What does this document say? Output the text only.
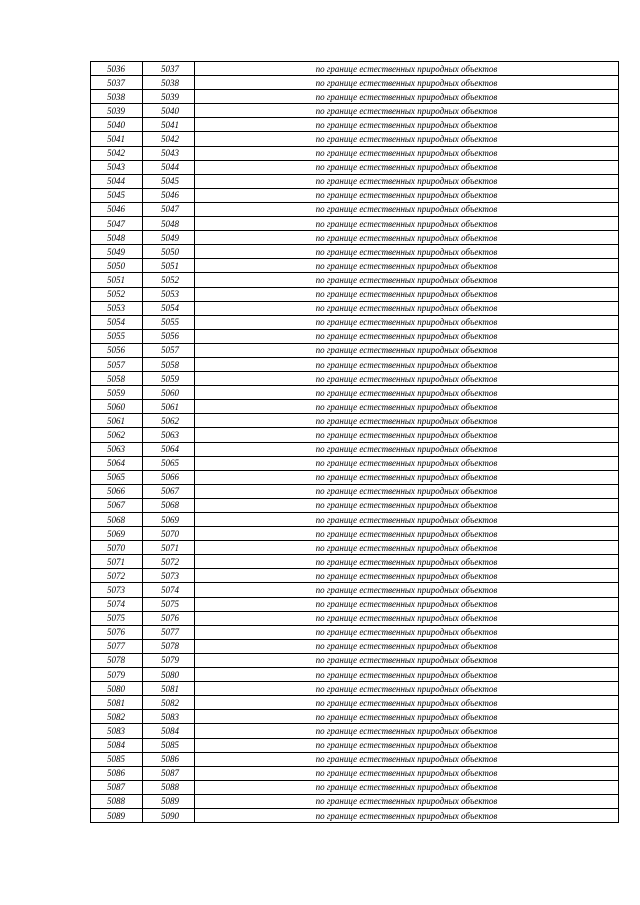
5036	5037	по границе естественных природных объектов
5037	5038	по границе естественных природных объектов
5038	5039	по границе естественных природных объектов
5039	5040	по границе естественных природных объектов
5040	5041	по границе естественных природных объектов
5041	5042	по границе естественных природных объектов
5042	5043	по границе естественных природных объектов
5043	5044	по границе естественных природных объектов
5044	5045	по границе естественных природных объектов
5045	5046	по границе естественных природных объектов
5046	5047	по границе естественных природных объектов
5047	5048	по границе естественных природных объектов
5048	5049	по границе естественных природных объектов
5049	5050	по границе естественных природных объектов
5050	5051	по границе естественных природных объектов
5051	5052	по границе естественных природных объектов
5052	5053	по границе естественных природных объектов
5053	5054	по границе естественных природных объектов
5054	5055	по границе естественных природных объектов
5055	5056	по границе естественных природных объектов
5056	5057	по границе естественных природных объектов
5057	5058	по границе естественных природных объектов
5058	5059	по границе естественных природных объектов
5059	5060	по границе естественных природных объектов
5060	5061	по границе естественных природных объектов
5061	5062	по границе естественных природных объектов
5062	5063	по границе естественных природных объектов
5063	5064	по границе естественных природных объектов
5064	5065	по границе естественных природных объектов
5065	5066	по границе естественных природных объектов
5066	5067	по границе естественных природных объектов
5067	5068	по границе естественных природных объектов
5068	5069	по границе естественных природных объектов
5069	5070	по границе естественных природных объектов
5070	5071	по границе естественных природных объектов
5071	5072	по границе естественных природных объектов
5072	5073	по границе естественных природных объектов
5073	5074	по границе естественных природных объектов
5074	5075	по границе естественных природных объектов
5075	5076	по границе естественных природных объектов
5076	5077	по границе естественных природных объектов
5077	5078	по границе естественных природных объектов
5078	5079	по границе естественных природных объектов
5079	5080	по границе естественных природных объектов
5080	5081	по границе естественных природных объектов
5081	5082	по границе естественных природных объектов
5082	5083	по границе естественных природных объектов
5083	5084	по границе естественных природных объектов
5084	5085	по границе естественных природных объектов
5085	5086	по границе естественных природных объектов
5086	5087	по границе естественных природных объектов
5087	5088	по границе естественных природных объектов
5088	5089	по границе естественных природных объектов
5089	5090	по границе естественных природных объектов
